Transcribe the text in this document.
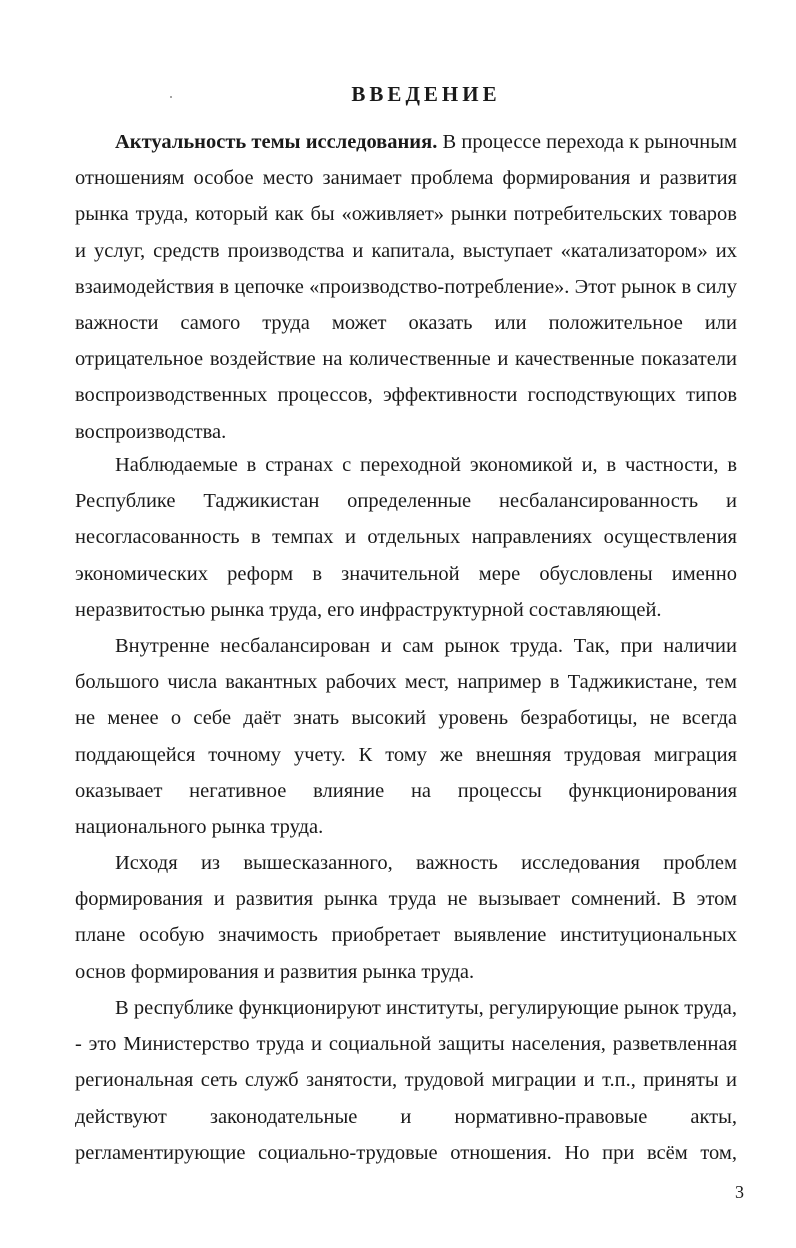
ВВЕДЕНИЕ

Актуальность темы исследования. В процессе перехода к рыночным отношениям особое место занимает проблема формирования и развития рынка труда, который как бы «оживляет» рынки потребительских товаров и услуг, средств производства и капитала, выступает «катализатором» их взаимодействия в цепочке «производство-потребление». Этот рынок в силу важности самого труда может оказать или положительное или отрицательное воздействие на количественные и качественные показатели воспроизводственных процессов, эффективности господствующих типов воспроизводства.

Наблюдаемые в странах с переходной экономикой и, в частности, в Республике Таджикистан определенные несбалансированность и несогласованность в темпах и отдельных направлениях осуществления экономических реформ в значительной мере обусловлены именно неразвитостью рынка труда, его инфраструктурной составляющей.

Внутренне несбалансирован и сам рынок труда. Так, при наличии большого числа вакантных рабочих мест, например в Таджикистане, тем не менее о себе даёт знать высокий уровень безработицы, не всегда поддающейся точному учету. К тому же внешняя трудовая миграция оказывает негативное влияние на процессы функционирования национального рынка труда.

Исходя из вышесказанного, важность исследования проблем формирования и развития рынка труда не вызывает сомнений. В этом плане особую значимость приобретает выявление институциональных основ формирования и развития рынка труда.

В республике функционируют институты, регулирующие рынок труда, - это Министерство труда и социальной защиты населения, разветвленная региональная сеть служб занятости, трудовой миграции и т.п., приняты и действуют законодательные и нормативно-правовые акты, регламентирующие социально-трудовые отношения. Но при всём том,

3
